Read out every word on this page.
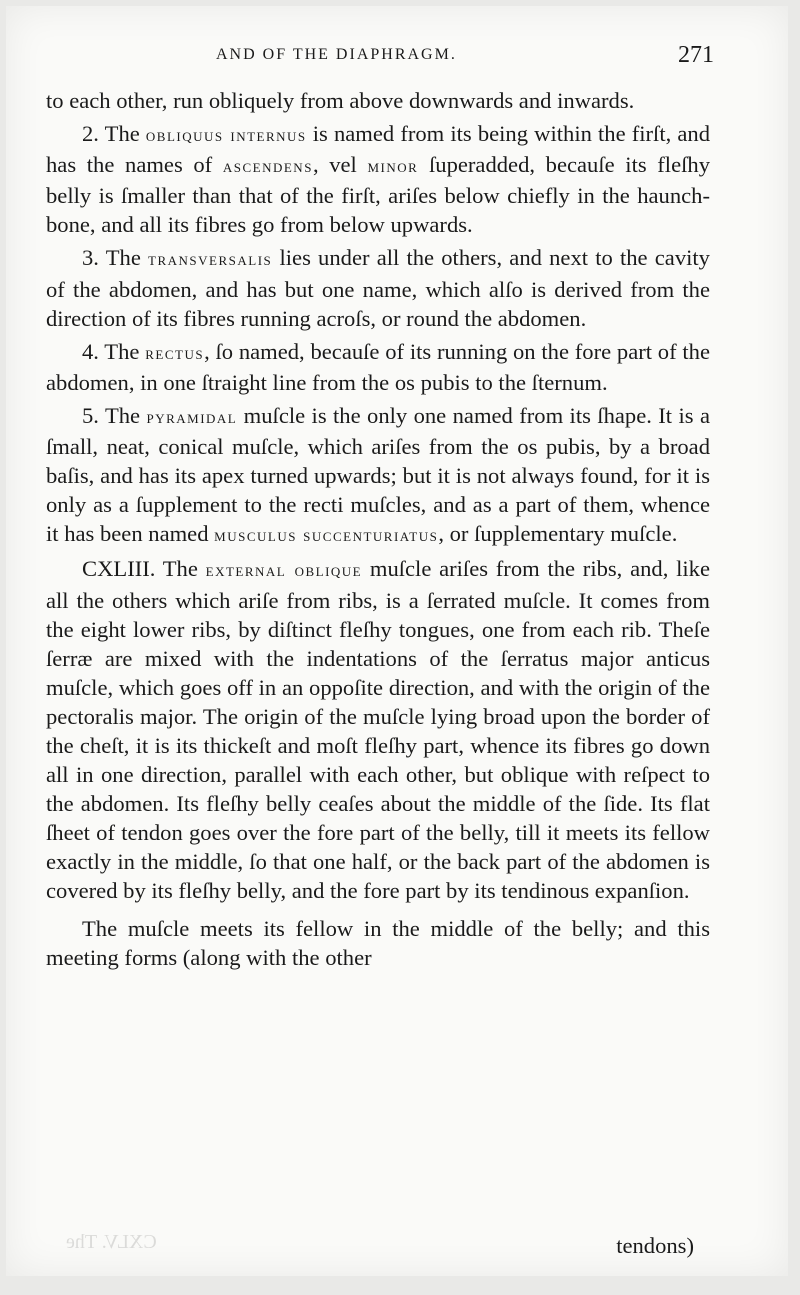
AND OF THE DIAPHRAGM.	271

to each other, run obliquely from above downwards and inwards.

2. The obliquus internus is named from its being within the firſt, and has the names of ascendens, vel minor ſuperadded, becauſe its fleſhy belly is ſmaller than that of the firſt, ariſes below chiefly in the haunch-bone, and all its fibres go from below upwards.

3. The transversalis lies under all the others, and next to the cavity of the abdomen, and has but one name, which alſo is derived from the direction of its fibres running acroſs, or round the abdomen.

4. The rectus, ſo named, becauſe of its running on the fore part of the abdomen, in one ſtraight line from the os pubis to the ſternum.

5. The pyramidal muſcle is the only one named from its ſhape. It is a ſmall, neat, conical muſcle, which ariſes from the os pubis, by a broad baſis, and has its apex turned upwards; but it is not always found, for it is only as a ſupplement to the recti muſcles, and as a part of them, whence it has been named musculus succenturiatus, or ſupplementary muſcle.

CXLIII. The external oblique muſcle ariſes from the ribs, and, like all the others which ariſe from ribs, is a ſerrated muſcle. It comes from the eight lower ribs, by diſtinct fleſhy tongues, one from each rib. Theſe ſerræ are mixed with the indentations of the ſerratus major anticus muſcle, which goes off in an oppoſite direction, and with the origin of the pectoralis major. The origin of the muſcle lying broad upon the border of the cheſt, it is its thickeſt and moſt fleſhy part, whence its fibres go down all in one direction, parallel with each other, but oblique with reſpect to the abdomen. Its fleſhy belly ceaſes about the middle of the ſide. Its flat ſheet of tendon goes over the fore part of the belly, till it meets its fellow exactly in the middle, ſo that one half, or the back part of the abdomen is covered by its fleſhy belly, and the fore part by its tendinous expanſion.

The muſcle meets its fellow in the middle of the belly; and this meeting forms (along with the other

CXLV. The	tendons)
